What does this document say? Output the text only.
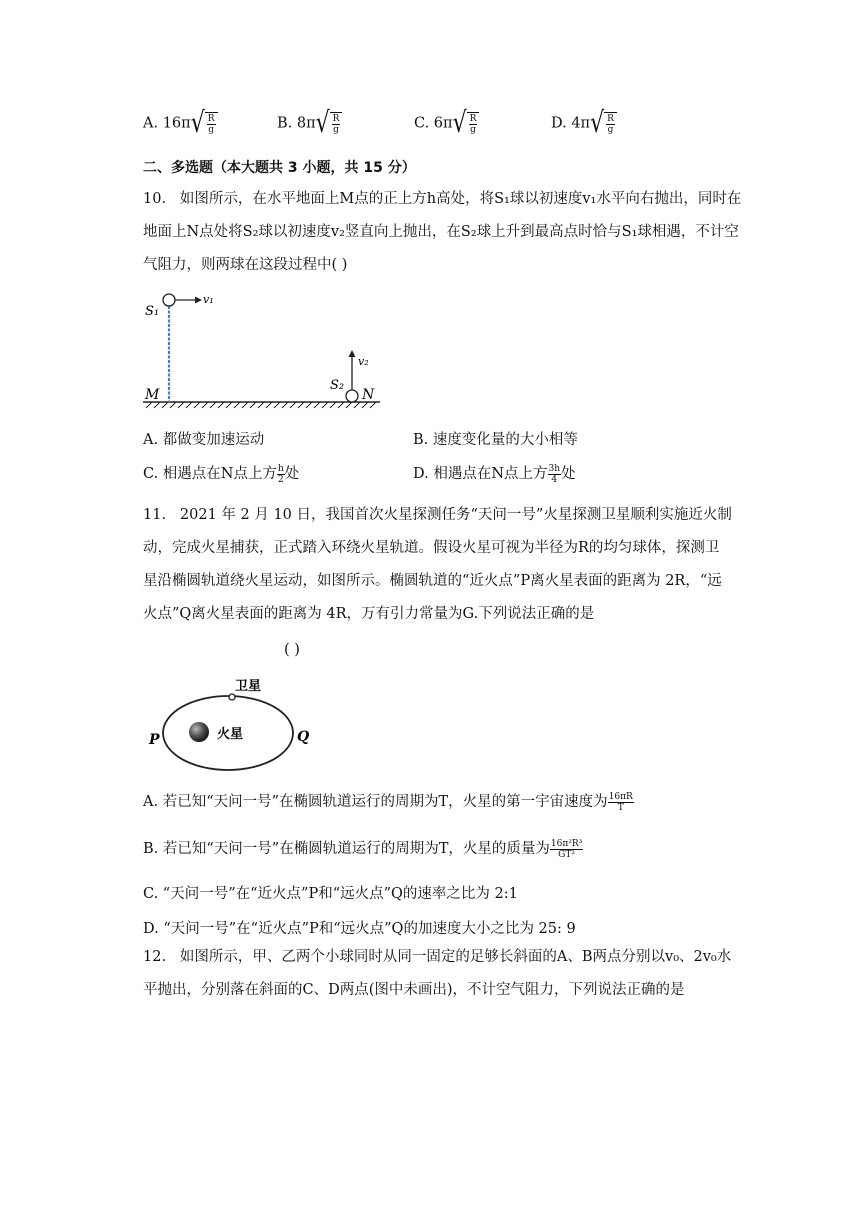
A. 16π √ $\frac{R}{g}$	B. 8π √ $\frac{R}{g}$	C. 6π √ $\frac{R}{g}$	D. 4π √ $\frac{R}{g}$
二、多选题（本大题共 3 小题，共 15 分）
10. 如图所示，在水平地面上M点的正上方h高处，将S₁球以初速度v₁水平向右抛出，同时在
地面上N点处将S₂球以初速度v₂竖直向上抛出，在S₂球上升到最高点时恰与S₁球相遇，不计空
气阻力，则两球在这段过程中( )
v₁
S₁
v₂
S₂
N
M
A. 都做变加速运动	B. 速度变化量的大小相等
C. 相遇点在N点上方 $\frac{h}{2}$ 处	D. 相遇点在N点上方 $\frac{3h}{4}$ 处
11. 2021 年 2 月 10 日，我国首次火星探测任务“天问一号”火星探测卫星顺利实施近火制
动，完成火星捕获，正式踏入环绕火星轨道。假设火星可视为半径为R的均匀球体，探测卫
星沿椭圆轨道绕火星运动，如图所示。椭圆轨道的“近火点”P离火星表面的距离为 2R，“远
火点”Q离火星表面的距离为 4R，万有引力常量为G.下列说法正确的是
( )
卫星
火星
P	Q
A. 若已知“天问一号”在椭圆轨道运行的周期为T，火星的第一宇宙速度为 $\frac{16\pi R}{T}$
B. 若已知“天问一号”在椭圆轨道运行的周期为T，火星的质量为 $\frac{\text{16π²R³}}{\text{GT²}}$
C. “天问一号”在“近火点”P和“远火点”Q的速率之比为 2:1
D. “天问一号”在“近火点”P和“远火点”Q的加速度大小之比为 25: 9
12. 如图所示，甲、乙两个小球同时从同一固定的足够长斜面的A、B两点分别以v₀、2v₀水
平抛出，分别落在斜面的C、D两点(图中未画出)，不计空气阻力，下列说法正确的是
